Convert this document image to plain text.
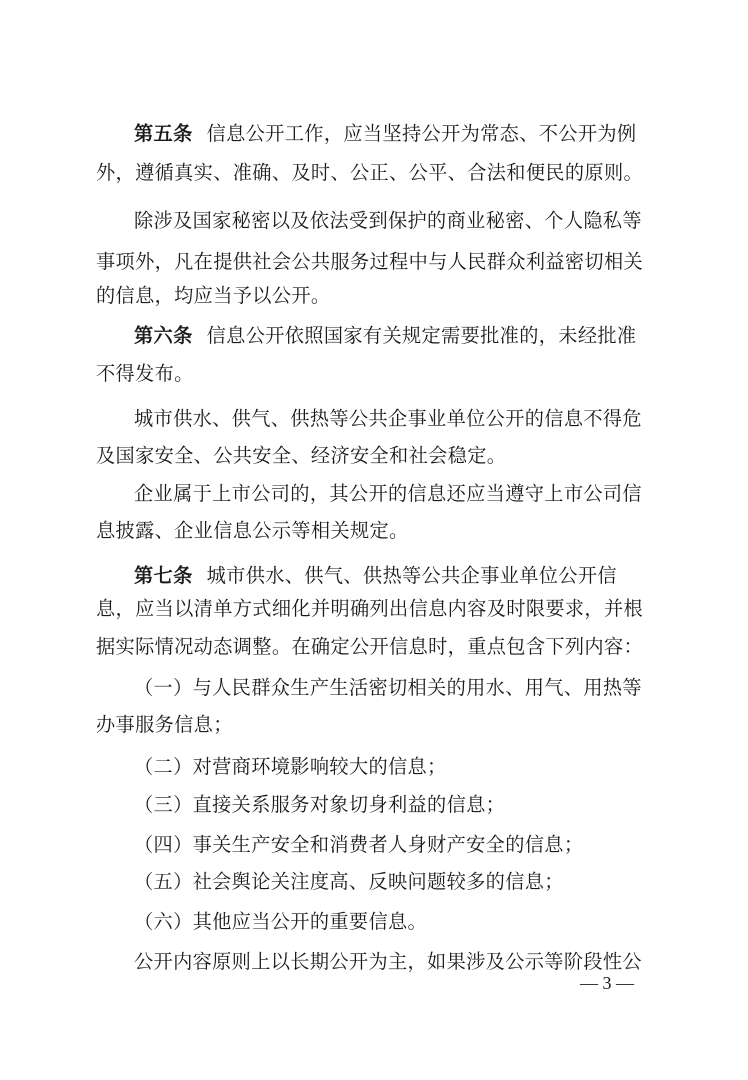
第五条 信息公开工作，应当坚持公开为常态、不公开为例
外，遵循真实、准确、及时、公正、公平、合法和便民的原则。
除涉及国家秘密以及依法受到保护的商业秘密、个人隐私等
事项外，凡在提供社会公共服务过程中与人民群众利益密切相关
的信息，均应当予以公开。
第六条 信息公开依照国家有关规定需要批准的，未经批准
不得发布。
城市供水、供气、供热等公共企事业单位公开的信息不得危
及国家安全、公共安全、经济安全和社会稳定。
企业属于上市公司的，其公开的信息还应当遵守上市公司信
息披露、企业信息公示等相关规定。
第七条 城市供水、供气、供热等公共企事业单位公开信
息，应当以清单方式细化并明确列出信息内容及时限要求，并根
据实际情况动态调整。在确定公开信息时，重点包含下列内容：
（一）与人民群众生产生活密切相关的用水、用气、用热等
办事服务信息；
（二）对营商环境影响较大的信息；
（三）直接关系服务对象切身利益的信息；
（四）事关生产安全和消费者人身财产安全的信息；
（五）社会舆论关注度高、反映问题较多的信息；
（六）其他应当公开的重要信息。
公开内容原则上以长期公开为主，如果涉及公示等阶段性公
— 3 —
